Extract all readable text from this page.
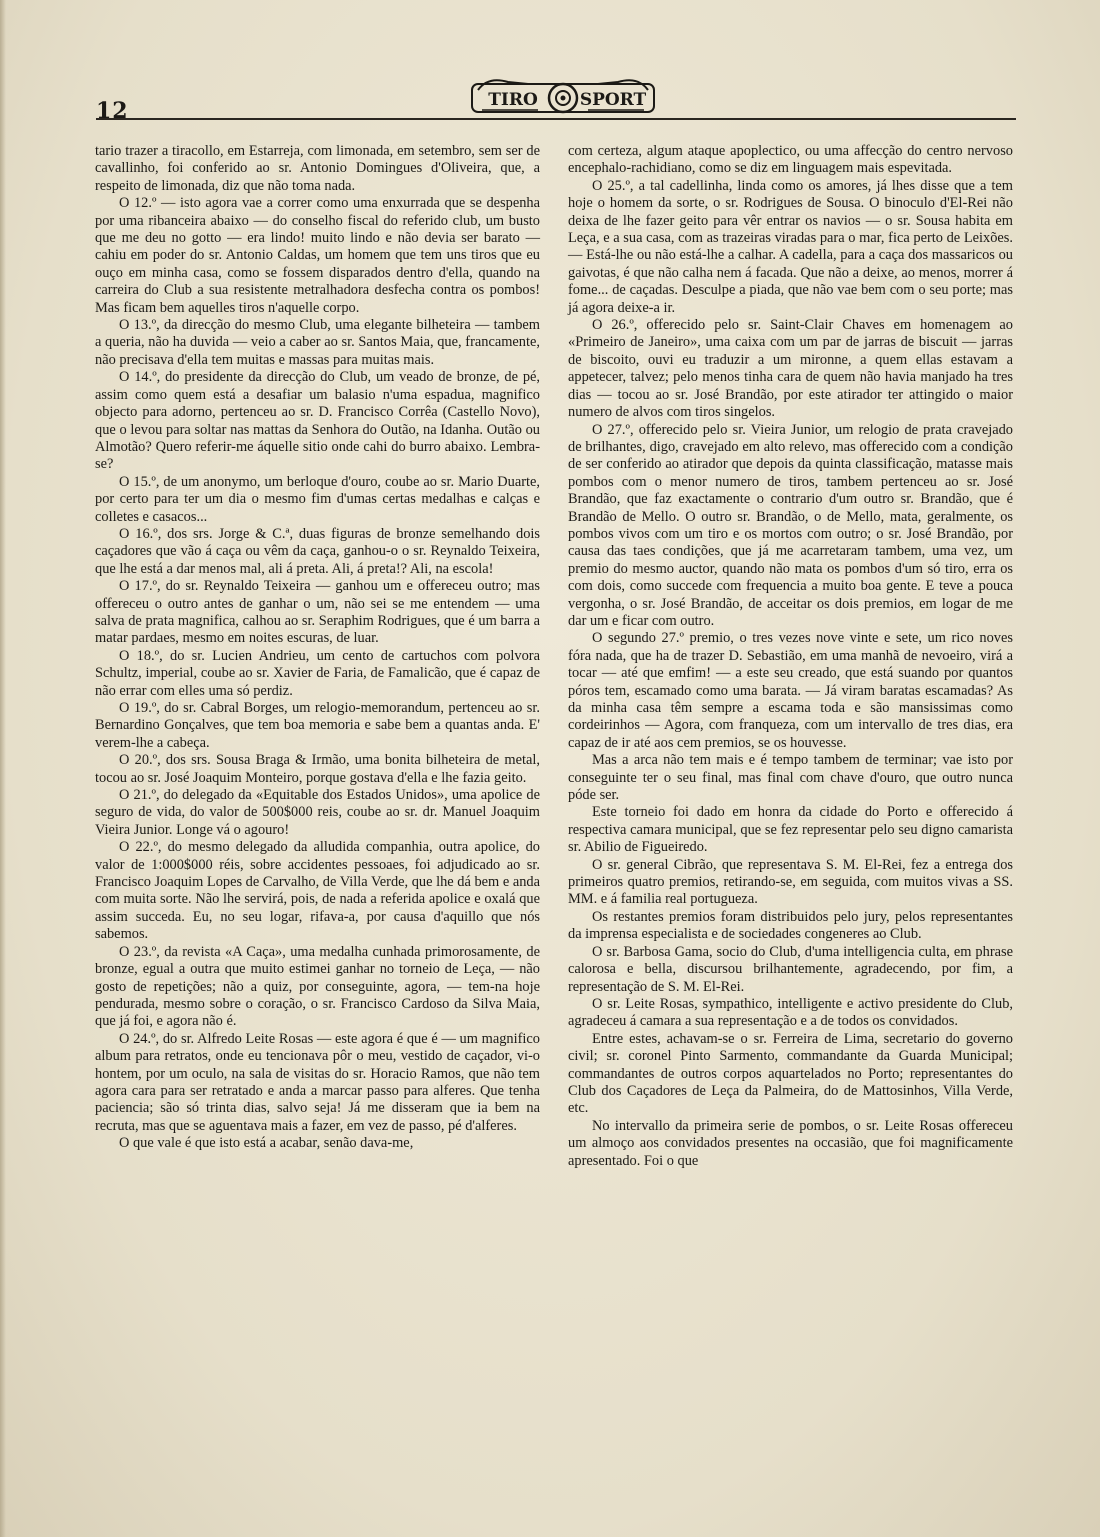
12	TIRO SPORT

tario trazer a tiracollo, em Estarreja, com limonada, em setembro, sem ser de cavallinho, foi conferido ao sr. Antonio Domingues d'Oliveira, que, a respeito de limonada, diz que não toma nada.

O 12.º — isto agora vae a correr como uma enxurrada que se despenha por uma ribanceira abaixo — do conselho fiscal do referido club, um busto que me deu no gotto — era lindo! muito lindo e não devia ser barato — cahiu em poder do sr. Antonio Caldas, um homem que tem uns tiros que eu ouço em minha casa, como se fossem disparados dentro d'ella, quando na carreira do Club a sua resistente metralhadora desfecha contra os pombos! Mas ficam bem aquelles tiros n'aquelle corpo.

O 13.º, da direcção do mesmo Club, uma elegante bilheteira — tambem a queria, não ha duvida — veio a caber ao sr. Santos Maia, que, francamente, não precisava d'ella tem muitas e massas para muitas mais.

O 14.º, do presidente da direcção do Club, um veado de bronze, de pé, assim como quem está a desafiar um balasio n'uma espadua, magnifico objecto para adorno, pertenceu ao sr. D. Francisco Corrêa (Castello Novo), que o levou para soltar nas mattas da Senhora do Outão, na Idanha. Outão ou Almotão? Quero referir-me áquelle sitio onde cahi do burro abaixo. Lembra-se?

O 15.º, de um anonymo, um berloque d'ouro, coube ao sr. Mario Duarte, por certo para ter um dia o mesmo fim d'umas certas medalhas e calças e colletes e casacos...

O 16.º, dos srs. Jorge & C.ª, duas figuras de bronze semelhando dois caçadores que vão á caça ou vêm da caça, ganhou-o o sr. Reynaldo Teixeira, que lhe está a dar menos mal, ali á preta. Ali, á preta!? Ali, na escola!

O 17.º, do sr. Reynaldo Teixeira — ganhou um e offereceu outro; mas offereceu o outro antes de ganhar o um, não sei se me entendem — uma salva de prata magnifica, calhou ao sr. Seraphim Rodrigues, que é um barra a matar pardaes, mesmo em noites escuras, de luar.

O 18.º, do sr. Lucien Andrieu, um cento de cartuchos com polvora Schultz, imperial, coube ao sr. Xavier de Faria, de Famalicão, que é capaz de não errar com elles uma só perdiz.

O 19.º, do sr. Cabral Borges, um relogio-memorandum, pertenceu ao sr. Bernardino Gonçalves, que tem boa memoria e sabe bem a quantas anda. E' verem-lhe a cabeça.

O 20.º, dos srs. Sousa Braga & Irmão, uma bonita bilheteira de metal, tocou ao sr. José Joaquim Monteiro, porque gostava d'ella e lhe fazia geito.

O 21.º, do delegado da «Equitable dos Estados Unidos», uma apolice de seguro de vida, do valor de 500$000 reis, coube ao sr. dr. Manuel Joaquim Vieira Junior. Longe vá o agouro!

O 22.º, do mesmo delegado da alludida companhia, outra apolice, do valor de 1:000$000 réis, sobre accidentes pessoaes, foi adjudicado ao sr. Francisco Joaquim Lopes de Carvalho, de Villa Verde, que lhe dá bem e anda com muita sorte. Não lhe servirá, pois, de nada a referida apolice e oxalá que assim succeda. Eu, no seu logar, rifava-a, por causa d'aquillo que nós sabemos.

O 23.º, da revista «A Caça», uma medalha cunhada primorosamente, de bronze, egual a outra que muito estimei ganhar no torneio de Leça, — não gosto de repetições; não a quiz, por conseguinte, agora, — tem-na hoje pendurada, mesmo sobre o coração, o sr. Francisco Cardoso da Silva Maia, que já foi, e agora não é.

O 24.º, do sr. Alfredo Leite Rosas — este agora é que é — um magnifico album para retratos, onde eu tencionava pôr o meu, vestido de caçador, vi-o hontem, por um oculo, na sala de visitas do sr. Horacio Ramos, que não tem agora cara para ser retratado e anda a marcar passo para alferes. Que tenha paciencia; são só trinta dias, salvo seja! Já me disseram que ia bem na recruta, mas que se aguentava mais a fazer, em vez de passo, pé d'alferes.

O que vale é que isto está a acabar, senão dava-me,

com certeza, algum ataque apoplectico, ou uma affecção do centro nervoso encephalo-rachidiano, como se diz em linguagem mais espevitada.

O 25.º, a tal cadellinha, linda como os amores, já lhes disse que a tem hoje o homem da sorte, o sr. Rodrigues de Sousa. O binoculo d'El-Rei não deixa de lhe fazer geito para vêr entrar os navios — o sr. Sousa habita em Leça, e a sua casa, com as trazeiras viradas para o mar, fica perto de Leixões. — Está-lhe ou não está-lhe a calhar. A cadella, para a caça dos massaricos ou gaivotas, é que não calha nem á facada. Que não a deixe, ao menos, morrer á fome... de caçadas. Desculpe a piada, que não vae bem com o seu porte; mas já agora deixe-a ir.

O 26.º, offerecido pelo sr. Saint-Clair Chaves em homenagem ao «Primeiro de Janeiro», uma caixa com um par de jarras de biscuit — jarras de biscoito, ouvi eu traduzir a um mironne, a quem ellas estavam a appetecer, talvez; pelo menos tinha cara de quem não havia manjado ha tres dias — tocou ao sr. José Brandão, por este atirador ter attingido o maior numero de alvos com tiros singelos.

O 27.º, offerecido pelo sr. Vieira Junior, um relogio de prata cravejado de brilhantes, digo, cravejado em alto relevo, mas offerecido com a condição de ser conferido ao atirador que depois da quinta classificação, matasse mais pombos com o menor numero de tiros, tambem pertenceu ao sr. José Brandão, que faz exactamente o contrario d'um outro sr. Brandão, que é Brandão de Mello. O outro sr. Brandão, o de Mello, mata, geralmente, os pombos vivos com um tiro e os mortos com outro; o sr. José Brandão, por causa das taes condições, que já me acarretaram tambem, uma vez, um premio do mesmo auctor, quando não mata os pombos d'um só tiro, erra os com dois, como succede com frequencia a muito boa gente. E teve a pouca vergonha, o sr. José Brandão, de acceitar os dois premios, em logar de me dar um e ficar com outro.

O segundo 27.º premio, o tres vezes nove vinte e sete, um rico noves fóra nada, que ha de trazer D. Sebastião, em uma manhã de nevoeiro, virá a tocar — até que emfim! — a este seu creado, que está suando por quantos póros tem, escamado como uma barata. — Já viram baratas escamadas? As da minha casa têm sempre a escama toda e são mansissimas como cordeirinhos — Agora, com franqueza, com um intervallo de tres dias, era capaz de ir até aos cem premios, se os houvesse.

Mas a arca não tem mais e é tempo tambem de terminar; vae isto por conseguinte ter o seu final, mas final com chave d'ouro, que outro nunca póde ser.

Este torneio foi dado em honra da cidade do Porto e offerecido á respectiva camara municipal, que se fez representar pelo seu digno camarista sr. Abilio de Figueiredo.

O sr. general Cibrão, que representava S. M. El-Rei, fez a entrega dos primeiros quatro premios, retirando-se, em seguida, com muitos vivas a SS. MM. e á familia real portugueza.

Os restantes premios foram distribuidos pelo jury, pelos representantes da imprensa especialista e de sociedades congeneres ao Club.

O sr. Barbosa Gama, socio do Club, d'uma intelligencia culta, em phrase calorosa e bella, discursou brilhantemente, agradecendo, por fim, a representação de S. M. El-Rei.

O sr. Leite Rosas, sympathico, intelligente e activo presidente do Club, agradeceu á camara a sua representação e a de todos os convidados.

Entre estes, achavam-se o sr. Ferreira de Lima, secretario do governo civil; sr. coronel Pinto Sarmento, commandante da Guarda Municipal; commandantes de outros corpos aquartelados no Porto; representantes do Club dos Caçadores de Leça da Palmeira, do de Mattosinhos, Villa Verde, etc.

No intervallo da primeira serie de pombos, o sr. Leite Rosas offereceu um almoço aos convidados presentes na occasião, que foi magnificamente apresentado. Foi o que
